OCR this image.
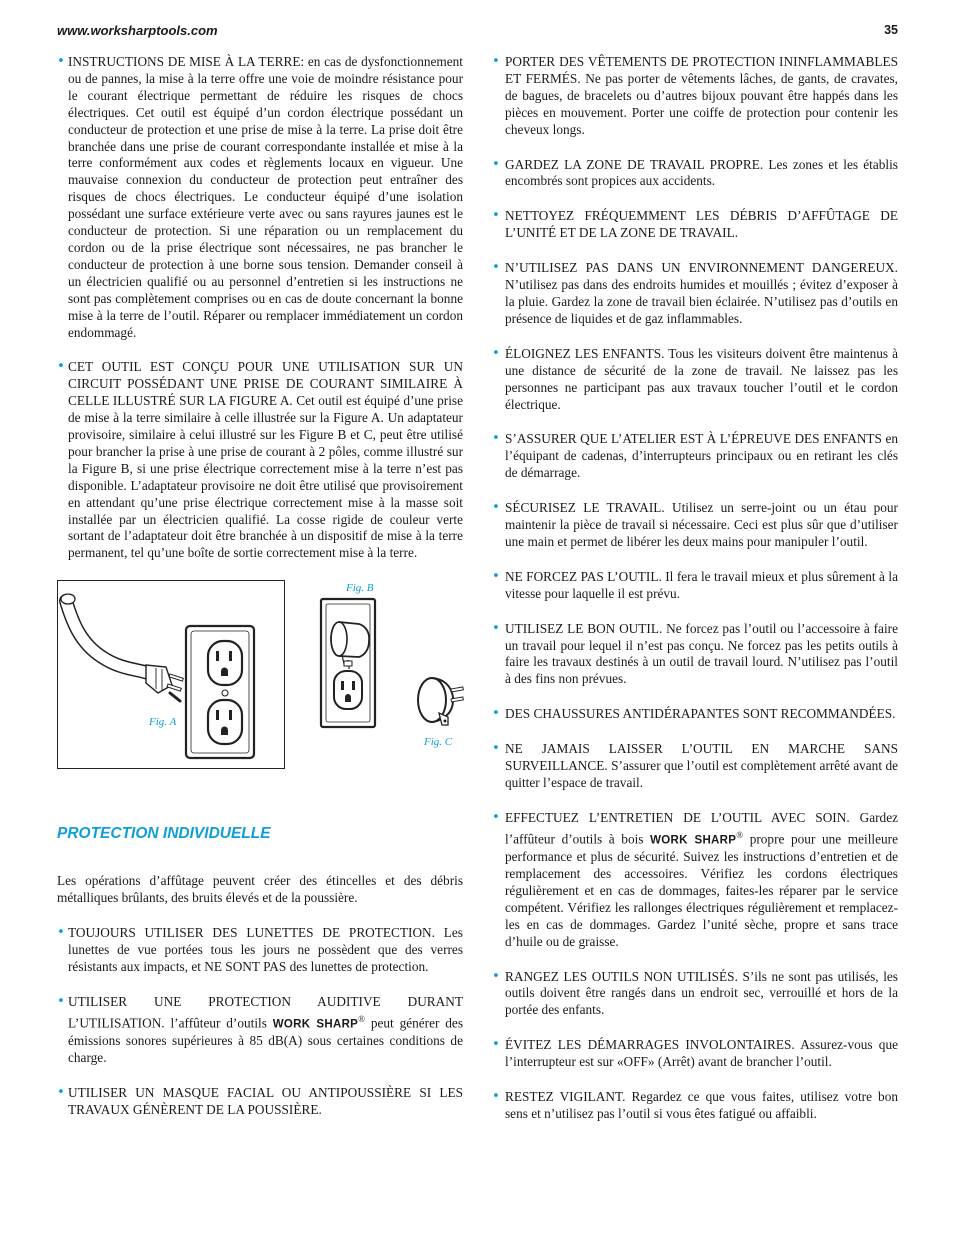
www.worksharptools.com	35
• INSTRUCTIONS DE MISE À LA TERRE: en cas de dysfonctionnement ou de pannes, la mise à la terre offre une voie de moindre résistance pour le courant électrique permettant de réduire les risques de chocs électriques. Cet outil est équipé d’un cordon électrique possédant un conducteur de protection et une prise de mise à la terre. La prise doit être branchée dans une prise de courant correspondante installée et mise à la terre conformément aux codes et règlements locaux en vigueur. Une mauvaise connexion du conducteur de protection peut entraîner des risques de chocs électriques. Le conducteur équipé d’une isolation possédant une surface extérieure verte avec ou sans rayures jaunes est le conducteur de protection. Si une réparation ou un remplacement du cordon ou de la prise électrique sont nécessaires, ne pas brancher le conducteur de protection à une borne sous tension. Demander conseil à un électricien qualifié ou au personnel d’entretien si les instructions ne sont pas complètement comprises ou en cas de doute concernant la bonne mise à la terre de l’outil. Réparer ou remplacer immédiatement un cordon endommagé.
• CET OUTIL EST CONÇU POUR UNE UTILISATION SUR UN CIRCUIT POSSÉDANT UNE PRISE DE COURANT SIMILAIRE À CELLE ILLUSTRÉ SUR LA FIGURE A. Cet outil est équipé d’une prise de mise à la terre similaire à celle illustrée sur la Figure A. Un adaptateur provisoire, similaire à celui illustré sur les Figure B et C, peut être utilisé pour brancher la prise à une prise de courant à 2 pôles, comme illustré sur la Figure B, si une prise électrique correctement mise à la terre n’est pas disponible. L’adaptateur provisoire ne doit être utilisé que provisoirement en attendant qu’une prise électrique correctement mise à la masse soit installée par un électricien qualifié. La cosse rigide de couleur verte sortant de l’adaptateur doit être branchée à un dispositif de mise à la terre permanent, tel qu’une boîte de sortie correctement mise à la terre.
Fig. A
Fig. B
Fig. C
PROTECTION INDIVIDUELLE
Les opérations d’affûtage peuvent créer des étincelles et des débris métalliques brûlants, des bruits élevés et de la poussière.
• TOUJOURS UTILISER DES LUNETTES DE PROTECTION. Les lunettes de vue portées tous les jours ne possèdent que des verres résistants aux impacts, et NE SONT PAS des lunettes de protection.
• UTILISER UNE PROTECTION AUDITIVE DURANT L’UTILISATION. l’affûteur d’outils WORK SHARP® peut générer des émissions sonores supérieures à 85 dB(A) sous certaines conditions de charge.
• UTILISER UN MASQUE FACIAL OU ANTIPOUSSIÈRE SI LES TRAVAUX GÉNÈRENT DE LA POUSSIÈRE.
• PORTER DES VÊTEMENTS DE PROTECTION ININFLAMMABLES ET FERMÉS. Ne pas porter de vêtements lâches, de gants, de cravates, de bagues, de bracelets ou d’autres bijoux pouvant être happés dans les pièces en mouvement. Porter une coiffe de protection pour contenir les cheveux longs.
• GARDEZ LA ZONE DE TRAVAIL PROPRE. Les zones et les établis encombrés sont propices aux accidents.
• NETTOYEZ FRÉQUEMMENT LES DÉBRIS D’AFFÛTAGE DE L’UNITÉ ET DE LA ZONE DE TRAVAIL.
• N’UTILISEZ PAS DANS UN ENVIRONNEMENT DANGEREUX. N’utilisez pas dans des endroits humides et mouillés ; évitez d’exposer à la pluie. Gardez la zone de travail bien éclairée. N’utilisez pas d’outils en présence de liquides et de gaz inflammables.
• ÉLOIGNEZ LES ENFANTS. Tous les visiteurs doivent être maintenus à une distance de sécurité de la zone de travail. Ne laissez pas les personnes ne participant pas aux travaux toucher l’outil et le cordon électrique.
• S’ASSURER QUE L’ATELIER EST À L’ÉPREUVE DES ENFANTS en l’équipant de cadenas, d’interrupteurs principaux ou en retirant les clés de démarrage.
• SÉCURISEZ LE TRAVAIL. Utilisez un serre-joint ou un étau pour maintenir la pièce de travail si nécessaire. Ceci est plus sûr que d’utiliser une main et permet de libérer les deux mains pour manipuler l’outil.
• NE FORCEZ PAS L’OUTIL. Il fera le travail mieux et plus sûrement à la vitesse pour laquelle il est prévu.
• UTILISEZ LE BON OUTIL. Ne forcez pas l’outil ou l’accessoire à faire un travail pour lequel il n’est pas conçu. Ne forcez pas les petits outils à faire les travaux destinés à un outil de travail lourd. N’utilisez pas l’outil à des fins non prévues.
• DES CHAUSSURES ANTIDÉRAPANTES SONT RECOMMANDÉES.
• NE JAMAIS LAISSER L’OUTIL EN MARCHE SANS SURVEILLANCE. S’assurer que l’outil est complètement arrêté avant de quitter l’espace de travail.
• EFFECTUEZ L’ENTRETIEN DE L’OUTIL AVEC SOIN. Gardez l’affûteur d’outils à bois WORK SHARP® propre pour une meilleure performance et plus de sécurité. Suivez les instructions d’entretien et de remplacement des accessoires. Vérifiez les cordons électriques régulièrement et en cas de dommages, faites-les réparer par le service compétent. Vérifiez les rallonges électriques régulièrement et remplacez-les en cas de dommages. Gardez l’unité sèche, propre et sans trace d’huile ou de graisse.
• RANGEZ LES OUTILS NON UTILISÉS. S’ils ne sont pas utilisés, les outils doivent être rangés dans un endroit sec, verrouillé et hors de la portée des enfants.
• ÉVITEZ LES DÉMARRAGES INVOLONTAIRES. Assurez-vous que l’interrupteur est sur «OFF» (Arrêt) avant de brancher l’outil.
• RESTEZ VIGILANT. Regardez ce que vous faites, utilisez votre bon sens et n’utilisez pas l’outil si vous êtes fatigué ou affaibli.
